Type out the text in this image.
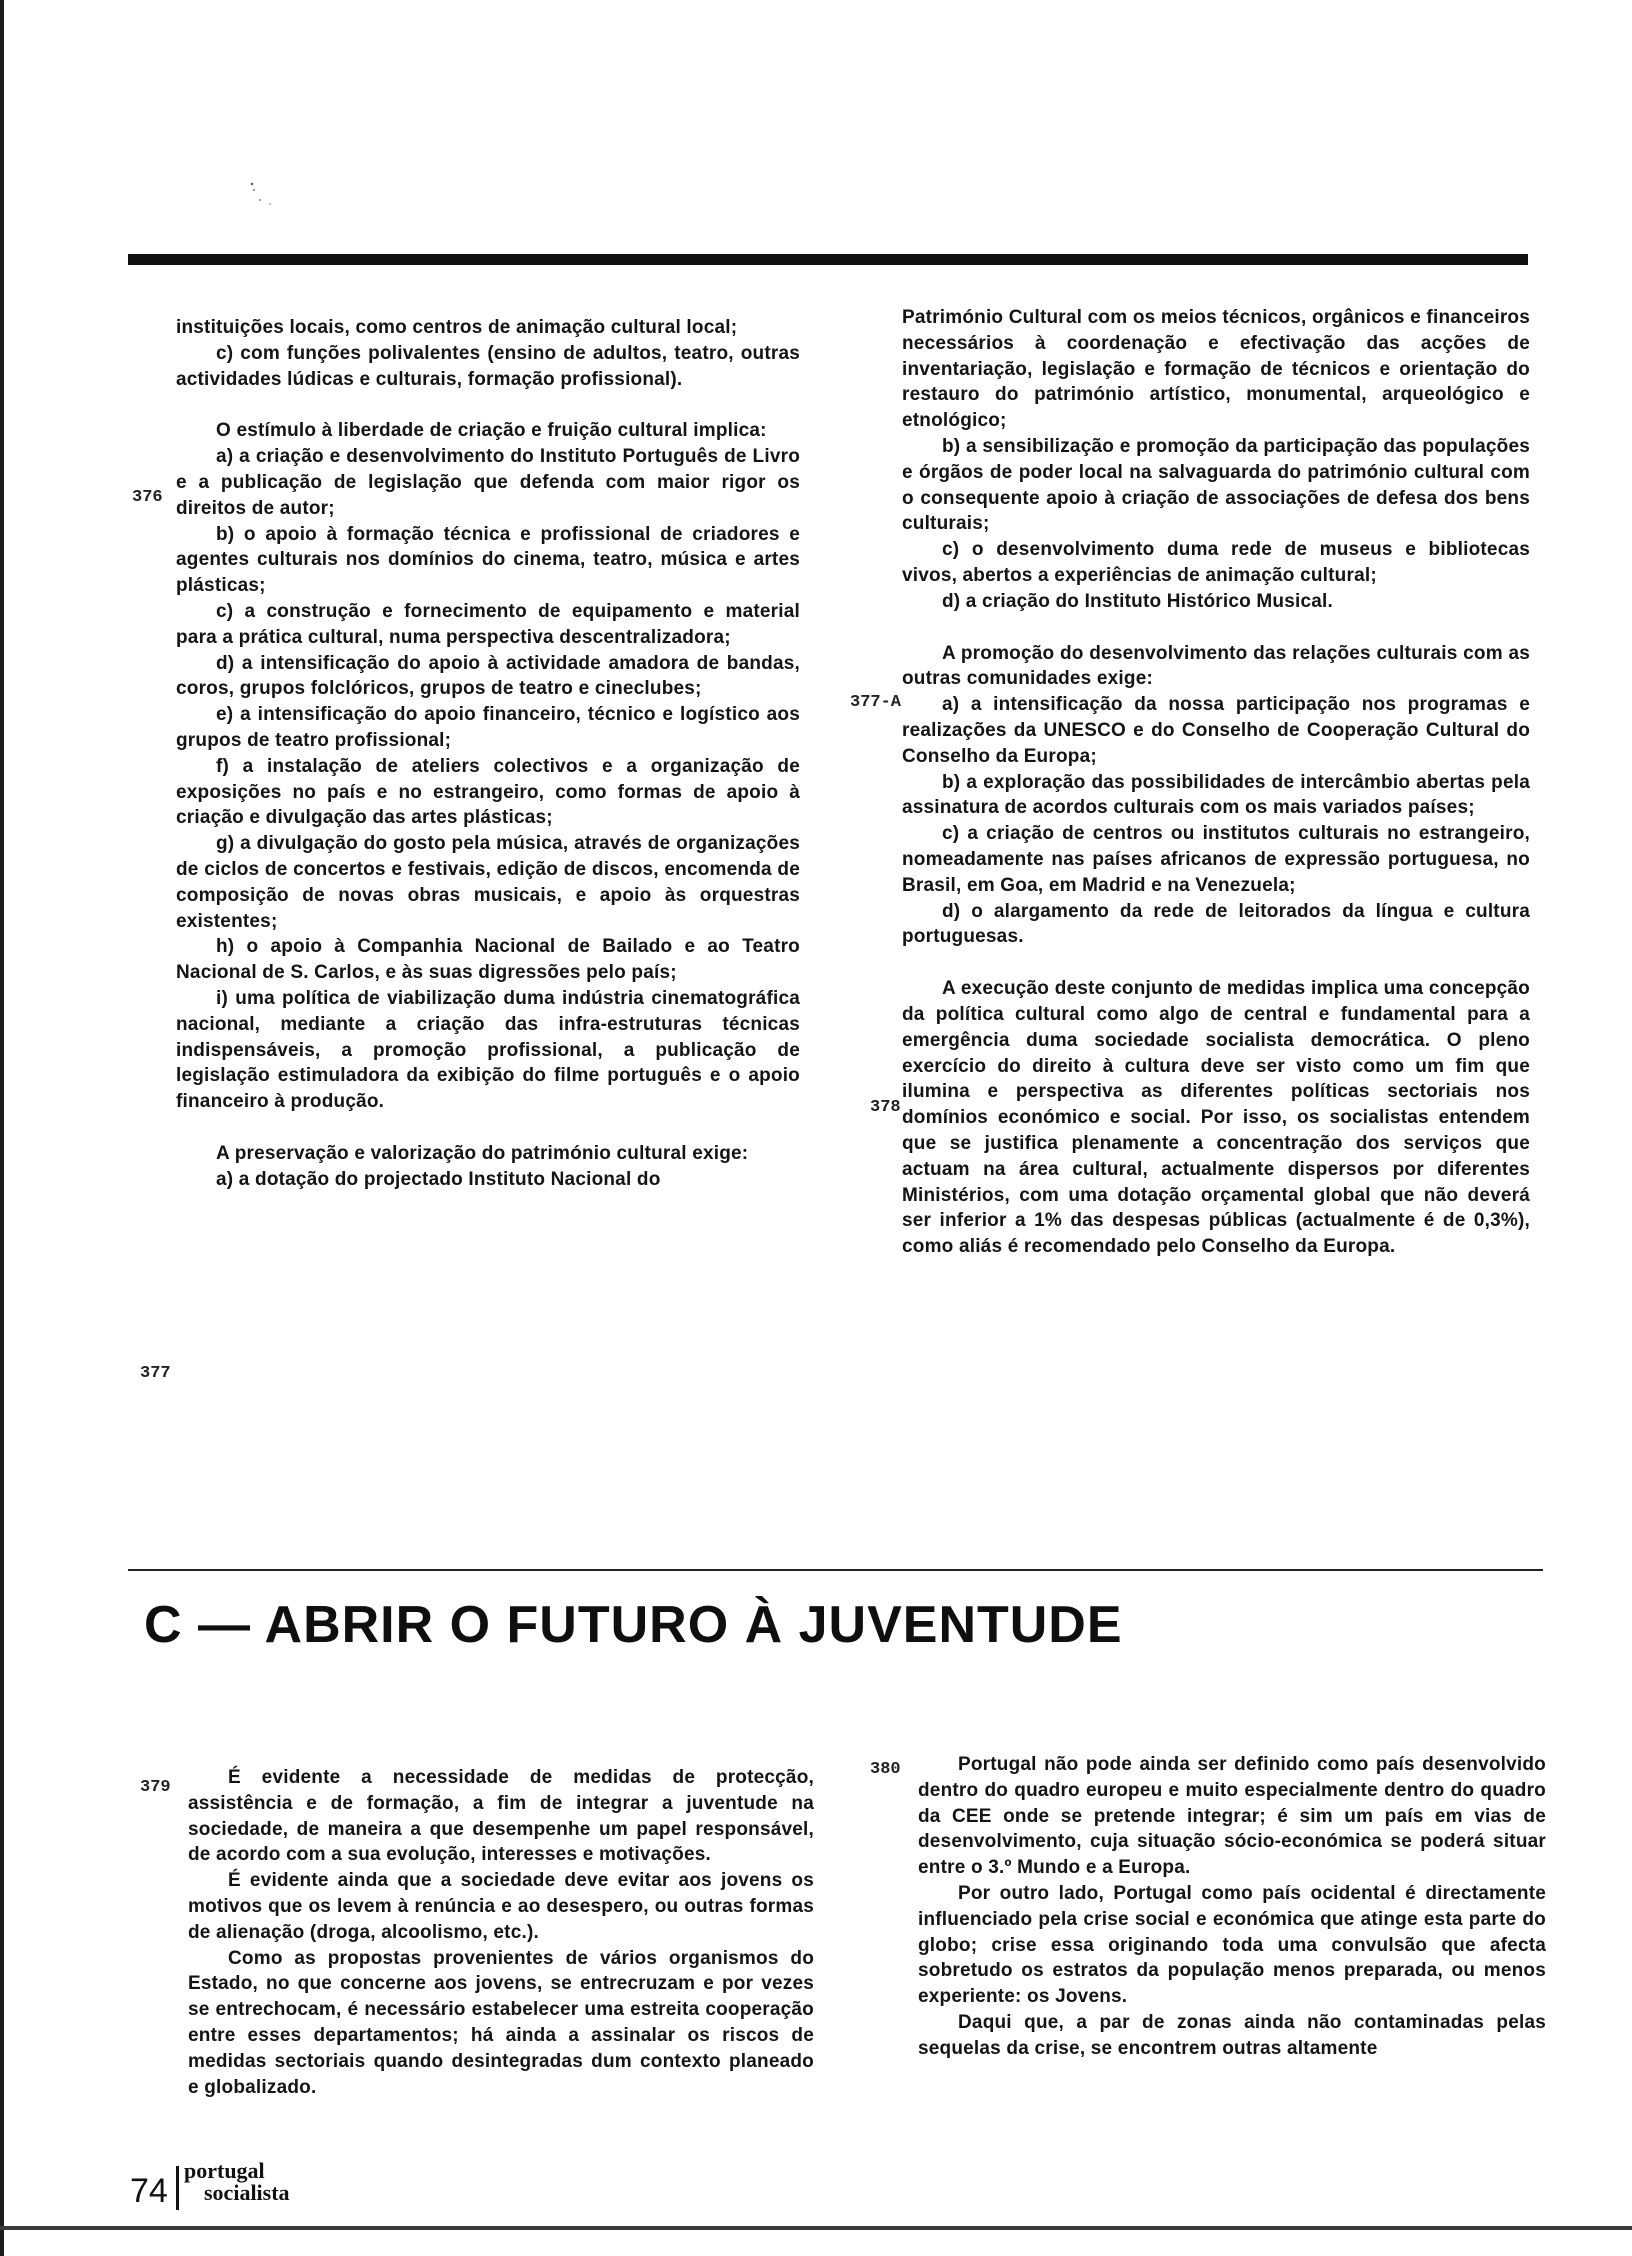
instituições locais, como centros de animação cultural local;

c) com funções polivalentes (ensino de adultos, teatro, outras actividades lúdicas e culturais, formação profissional).

O estímulo à liberdade de criação e fruição cultural implica:

a) a criação e desenvolvimento do Instituto Português de Livro e a publicação de legislação que defenda com maior rigor os direitos de autor;

b) o apoio à formação técnica e profissional de criadores e agentes culturais nos domínios do cinema, teatro, música e artes plásticas;

c) a construção e fornecimento de equipamento e material para a prática cultural, numa perspectiva descentralizadora;

d) a intensificação do apoio à actividade amadora de bandas, coros, grupos folclóricos, grupos de teatro e cineclubes;

e) a intensificação do apoio financeiro, técnico e logístico aos grupos de teatro profissional;

f) a instalação de ateliers colectivos e a organização de exposições no país e no estrangeiro, como formas de apoio à criação e divulgação das artes plásticas;

g) a divulgação do gosto pela música, através de organizações de ciclos de concertos e festivais, edição de discos, encomenda de composição de novas obras musicais, e apoio às orquestras existentes;

h) o apoio à Companhia Nacional de Bailado e ao Teatro Nacional de S. Carlos, e às suas digressões pelo país;

i) uma política de viabilização duma indústria cinematográfica nacional, mediante a criação das infra-estruturas técnicas indispensáveis, a promoção profissional, a publicação de legislação estimuladora da exibição do filme português e o apoio financeiro à produção.

A preservação e valorização do património cultural exige:

a) a dotação do projectado Instituto Nacional do

Património Cultural com os meios técnicos, orgânicos e financeiros necessários à coordenação e efectivação das acções de inventariação, legislação e formação de técnicos e orientação do restauro do património artístico, monumental, arqueológico e etnológico;

b) a sensibilização e promoção da participação das populações e órgãos de poder local na salvaguarda do património cultural com o consequente apoio à criação de associações de defesa dos bens culturais;

c) o desenvolvimento duma rede de museus e bibliotecas vivos, abertos a experiências de animação cultural;

d) a criação do Instituto Histórico Musical.

A promoção do desenvolvimento das relações culturais com as outras comunidades exige:

a) a intensificação da nossa participação nos programas e realizações da UNESCO e do Conselho de Cooperação Cultural do Conselho da Europa;

b) a exploração das possibilidades de intercâmbio abertas pela assinatura de acordos culturais com os mais variados países;

c) a criação de centros ou institutos culturais no estrangeiro, nomeadamente nas países africanos de expressão portuguesa, no Brasil, em Goa, em Madrid e na Venezuela;

d) o alargamento da rede de leitorados da língua e cultura portuguesas.

A execução deste conjunto de medidas implica uma concepção da política cultural como algo de central e fundamental para a emergência duma sociedade socialista democrática. O pleno exercício do direito à cultura deve ser visto como um fim que ilumina e perspectiva as diferentes políticas sectoriais nos domínios económico e social. Por isso, os socialistas entendem que se justifica plenamente a concentração dos serviços que actuam na área cultural, actualmente dispersos por diferentes Ministérios, com uma dotação orçamental global que não deverá ser inferior a 1% das despesas públicas (actualmente é de 0,3%), como aliás é recomendado pelo Conselho da Europa.

376
377
377-A
378
C — ABRIR O FUTURO À JUVENTUDE

É evidente a necessidade de medidas de protecção, assistência e de formação, a fim de integrar a juventude na sociedade, de maneira a que desempenhe um papel responsável, de acordo com a sua evolução, interesses e motivações.

É evidente ainda que a sociedade deve evitar aos jovens os motivos que os levem à renúncia e ao desespero, ou outras formas de alienação (droga, alcoolismo, etc.).

Como as propostas provenientes de vários organismos do Estado, no que concerne aos jovens, se entrecruzam e por vezes se entrechocam, é necessário estabelecer uma estreita cooperação entre esses departamentos; há ainda a assinalar os riscos de medidas sectoriais quando desintegradas dum contexto planeado e globalizado.

Portugal não pode ainda ser definido como país desenvolvido dentro do quadro europeu e muito especialmente dentro do quadro da CEE onde se pretende integrar; é sim um país em vias de desenvolvimento, cuja situação sócio-económica se poderá situar entre o 3.º Mundo e a Europa.

Por outro lado, Portugal como país ocidental é directamente influenciado pela crise social e económica que atinge esta parte do globo; crise essa originando toda uma convulsão que afecta sobretudo os estratos da população menos preparada, ou menos experiente: os Jovens.

Daqui que, a par de zonas ainda não contaminadas pelas sequelas da crise, se encontrem outras altamente

379
380
74
portugal
socialista
